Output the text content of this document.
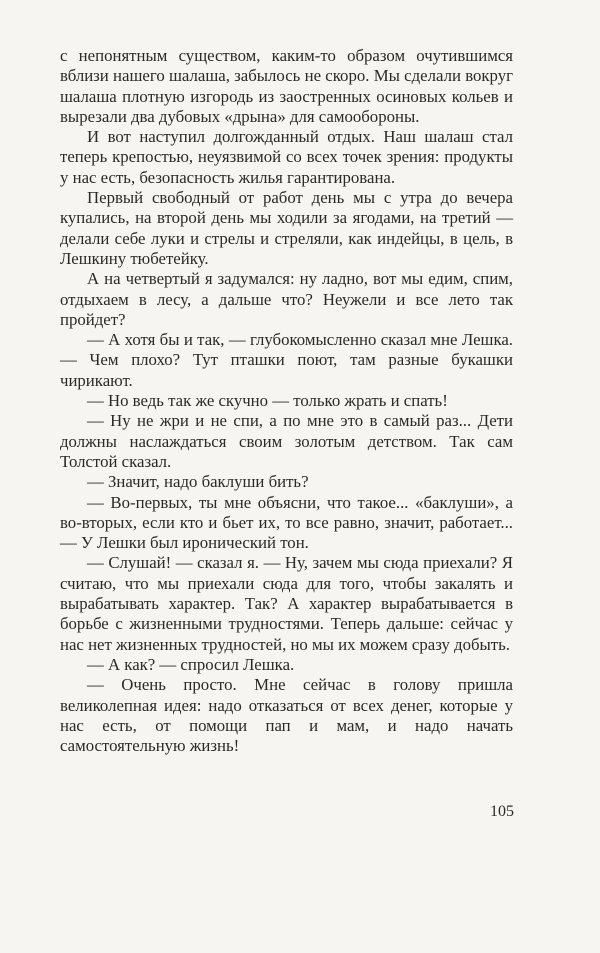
с непонятным существом, каким-то образом очутившимся вблизи нашего шалаша, забылось не скоро. Мы сделали вокруг шалаша плотную изгородь из заостренных осиновых кольев и вырезали два дубовых «дрына» для самообороны.

И вот наступил долгожданный отдых. Наш шалаш стал теперь крепостью, неуязвимой со всех точек зрения: продукты у нас есть, безопасность жилья гарантирована.

Первый свободный от работ день мы с утра до вечера купались, на второй день мы ходили за ягодами, на третий — делали себе луки и стрелы и стреляли, как индейцы, в цель, в Лешкину тюбетейку.

А на четвертый я задумался: ну ладно, вот мы едим, спим, отдыхаем в лесу, а дальше что? Неужели и все лето так пройдет?

— А хотя бы и так, — глубокомысленно сказал мне Лешка. — Чем плохо? Тут пташки поют, там разные букашки чирикают.

— Но ведь так же скучно — только жрать и спать!

— Ну не жри и не спи, а по мне это в самый раз... Дети должны наслаждаться своим золотым детством. Так сам Толстой сказал.

— Значит, надо баклуши бить?

— Во-первых, ты мне объясни, что такое... «баклуши», а во-вторых, если кто и бьет их, то все равно, значит, работает... — У Лешки был иронический тон.

— Слушай! — сказал я. — Ну, зачем мы сюда приехали? Я считаю, что мы приехали сюда для того, чтобы закалять и вырабатывать характер. Так? А характер вырабатывается в борьбе с жизненными трудностями. Теперь дальше: сейчас у нас нет жизненных трудностей, но мы их можем сразу добыть.

— А как? — спросил Лешка.

— Очень просто. Мне сейчас в голову пришла великолепная идея: надо отказаться от всех денег, которые у нас есть, от помощи пап и мам, и надо начать самостоятельную жизнь!

105
